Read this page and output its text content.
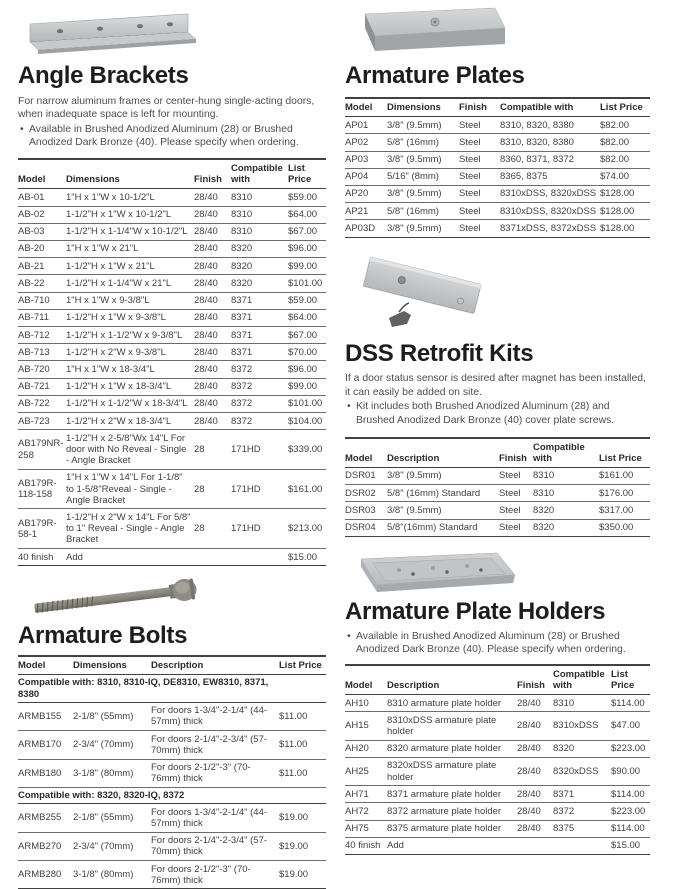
Angle Brackets

For narrow aluminum frames or center-hung single-acting doors, when inadequate space is left for mounting.

• Available in Brushed Anodized Aluminum (28) or Brushed Anodized Dark Bronze (40). Please specify when ordering.
Model	Dimensions	Finish	Compatible with	List Price
AB-01	1"H x 1"W x 10-1/2"L	28/40	8310	$59.00
AB-02	1-1/2"H x 1"W x 10-1/2"L	28/40	8310	$64.00
AB-03	1-1/2"H x 1-1/4"W x 10-1/2"L	28/40	8310	$67.00
AB-20	1"H x 1"W x 21"L	28/40	8320	$96.00
AB-21	1-1/2"H x 1"W x 21"L	28/40	8320	$99.00
AB-22	1-1/2"H x 1-1/4"W x 21"L	28/40	8320	$101.00
AB-710	1"H x 1"W x 9-3/8"L	28/40	8371	$59.00
AB-711	1-1/2"H x 1"W x 9-3/8"L	28/40	8371	$64.00
AB-712	1-1/2"H x 1-1/2"W x 9-3/8"L	28/40	8371	$67.00
AB-713	1-1/2"H x 2"W x 9-3/8"L	28/40	8371	$70.00
AB-720	1"H x 1"W x 18-3/4"L	28/40	8372	$96.00
AB-721	1-1/2"H x 1"W x 18-3/4"L	28/40	8372	$99.00
AB-722	1-1/2"H x 1-1/2"W x 18-3/4"L	28/40	8372	$101.00
AB-723	1-1/2"H x 2"W x 18-3/4"L	28/40	8372	$104.00
AB179NR-258	1-1/2"H x 2-5/8"Wx 14"L For door with No Reveal - Single - Angle Bracket	28	171HD	$339.00
AB179R-118-158	1"H x 1"W x 14"L For 1-1/8" to 1-5/8"Reveal - Single - Angle Bracket	28	171HD	$161.00
AB179R-58-1	1-1/2"H x 2"W x 14"L For 5/8" to 1" Reveal - Single - Angle Bracket	28	171HD	$213.00
40 finish	Add			$15.00
Armature Bolts
Model	Dimensions	Description	List Price

Compatible with: 8310, 8310-IQ, DE8310, EW8310, 8371, 8380			

ARMB155	2-1/8" (55mm)	For doors 1-3/4"-2-1/4" (44-57mm) thick	$11.00
ARMB170	2-3/4" (70mm)	For doors 2-1/4"-2-3/4" (57-70mm) thick	$11.00
ARMB180	3-1/8" (80mm)	For doors 2-1/2"-3" (70-76mm) thick	$11.00

Compatible with: 8320, 8320-IQ, 8372			

ARMB255	2-1/8" (55mm)	For doors 1-3/4"-2-1/4" (44-57mm) thick	$19.00
ARMB270	2-3/4" (70mm)	For doors 2-1/4"-2-3/4" (57-70mm) thick	$19.00
ARMB280	3-1/8" (80mm)	For doors 2-1/2"-3" (70-76mm) thick	$19.00
Armature Plates
Model	Dimensions	Finish	Compatible with	List Price
AP01	3/8" (9.5mm)	Steel	8310, 8320, 8380	$82.00
AP02	5/8" (16mm)	Steel	8310, 8320, 8380	$82.00
AP03	3/8" (9.5mm)	Steel	8360, 8371, 8372	$82.00
AP04	5/16" (8mm)	Steel	8365, 8375	$74.00
AP20	3/8" (9.5mm)	Steel	8310xDSS, 8320xDSS	$128.00
AP21	5/8" (16mm)	Steel	8310xDSS, 8320xDSS	$128.00
AP03D	3/8" (9.5mm)	Steel	8371xDSS, 8372xDSS	$128.00
DSS Retrofit Kits

If a door status sensor is desired after magnet has been installed, it can easily be added on site.

• Kit includes both Brushed Anodized Aluminum (28) and Brushed Anodized Dark Bronze (40) cover plate screws.
Model	Description	Finish	Compatible with	List Price
DSR01	3/8" (9.5mm)	Steel	8310	$161.00
DSR02	5/8" (16mm) Standard	Steel	8310	$176.00
DSR03	3/8" (9.5mm)	Steel	8320	$317.00
DSR04	5/8"(16mm) Standard	Steel	8320	$350.00
Armature Plate Holders
• Available in Brushed Anodized Aluminum (28) or Brushed Anodized Dark Bronze (40). Please specify when ordering.
Model	Description	Finish	Compatible with	List Price
AH10	8310 armature plate holder	28/40	8310	$114.00
AH15	8310xDSS armature plate holder	28/40	8310xDSS	$47.00
AH20	8320 armature plate holder	28/40	8320	$223.00
AH25	8320xDSS armature plate holder	28/40	8320xDSS	$90.00
AH71	8371 armature plate holder	28/40	8371	$114.00
AH72	8372 armature plate holder	28/40	8372	$223.00
AH75	8375 armature plate holder	28/40	8375	$114.00
40 finish	Add			$15.00
